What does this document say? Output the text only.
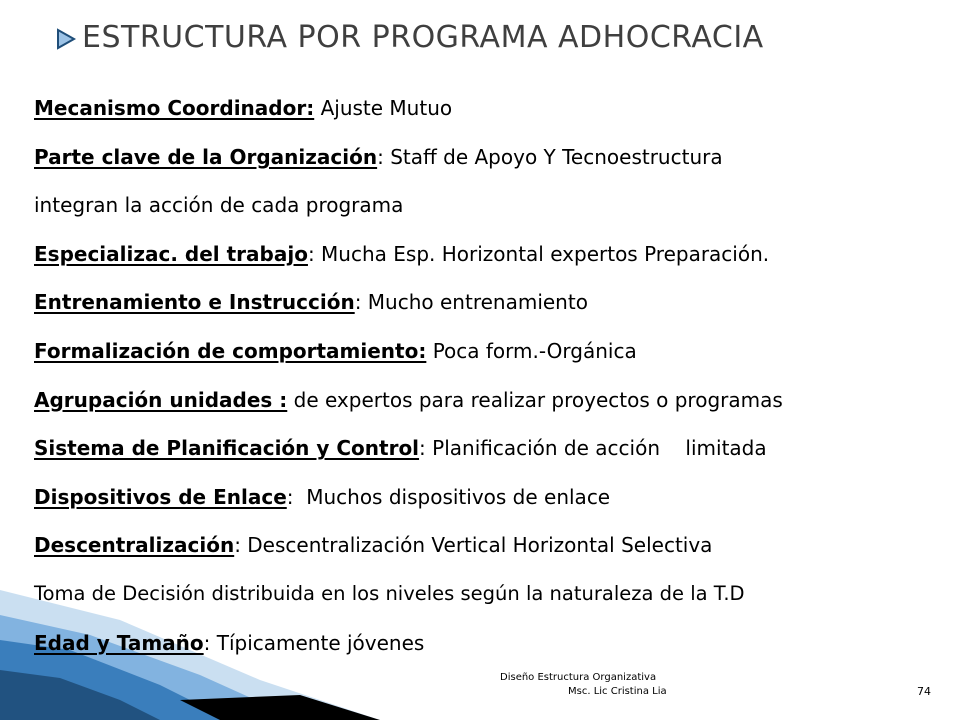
ESTRUCTURA POR PROGRAMA ADHOCRACIA
Mecanismo Coordinador: Ajuste Mutuo
Parte clave de la Organización: Staff de Apoyo Y Tecnoestructura
integran la acción de cada programa
Especializac. del trabajo: Mucha Esp. Horizontal expertos Preparación.
Entrenamiento e Instrucción: Mucho entrenamiento
Formalización de comportamiento: Poca form.-Orgánica
Agrupación unidades : de expertos para realizar proyectos o programas
Sistema de Planificación y Control: Planificación de acción    limitada
Dispositivos de Enlace:  Muchos dispositivos de enlace
Descentralización: Descentralización Vertical Horizontal Selectiva
Toma de Decisión distribuida en los niveles según la naturaleza de la T.D
Edad y Tamaño: Típicamente jóvenes
Diseño Estructura Organizativa
Msc. Lic Cristina Lia	74
